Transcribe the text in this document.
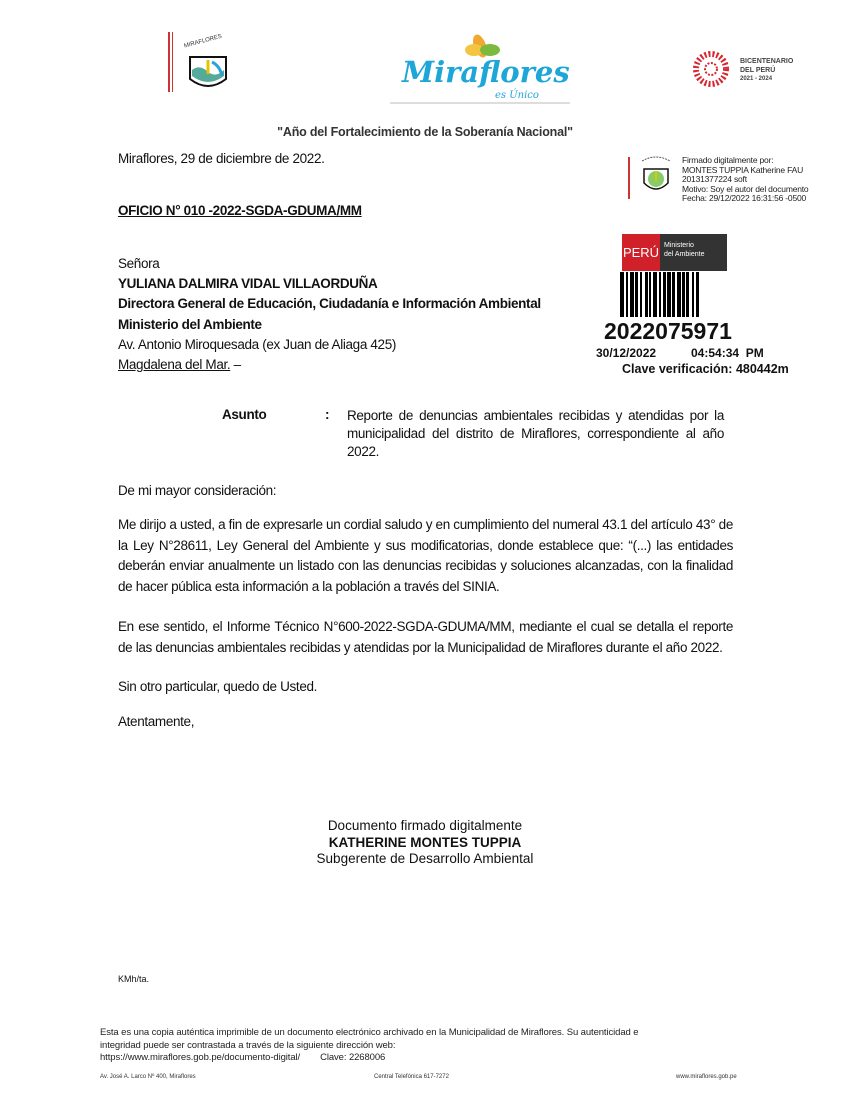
MIRAFLORES
Miraflores
es Único
BICENTENARIO
DEL PERÚ
2021 - 2024
"Año del Fortalecimiento de la Soberanía Nacional"
Miraflores, 29 de diciembre de 2022.	Firmado digitalmente por:
MONTES TUPPIA Katherine FAU
20131377224 soft
Motivo: Soy el autor del documento
Fecha: 29/12/2022 16:31:56 -0500
OFICIO N° 010 -2022-SGDA-GDUMA/MM
PERÚ Ministerio
del Ambiente
2022075971
30/12/2022	04:54:34  PM
Clave verificación: 480442m
Señora
YULIANA DALMIRA VIDAL VILLAORDUÑA
Directora General de Educación, Ciudadanía e Información Ambiental
Ministerio del Ambiente
Av. Antonio Miroquesada (ex Juan de Aliaga 425)
Magdalena del Mar. –
Asunto	: Reporte de denuncias ambientales recibidas y atendidas por la municipalidad del distrito de Miraflores, correspondiente al año 2022.
De mi mayor consideración:
Me dirijo a usted, a fin de expresarle un cordial saludo y en cumplimiento del numeral 43.1 del artículo 43° de la Ley N°28611, Ley General del Ambiente y sus modificatorias, donde establece que: “(...) las entidades deberán enviar anualmente un listado con las denuncias recibidas y soluciones alcanzadas, con la finalidad de hacer pública esta información a la población a través del SINIA.
En ese sentido, el Informe Técnico N°600-2022-SGDA-GDUMA/MM, mediante el cual se detalla el reporte de las denuncias ambientales recibidas y atendidas por la Municipalidad de Miraflores durante el año 2022.
Sin otro particular, quedo de Usted.
Atentamente,
Documento firmado digitalmente
KATHERINE MONTES TUPPIA
Subgerente de Desarrollo Ambiental
KMh/ta.
Esta es una copia auténtica imprimible de un documento electrónico archivado en la Municipalidad de Miraflores. Su autenticidad e
integridad puede ser contrastada a través de la siguiente dirección web:
https://www.miraflores.gob.pe/documento-digital/ Clave: 2268006
Av. José A. Larco Nº 400, Miraflores	Central Telefónica 617-7272	www.miraflores.gob.pe
